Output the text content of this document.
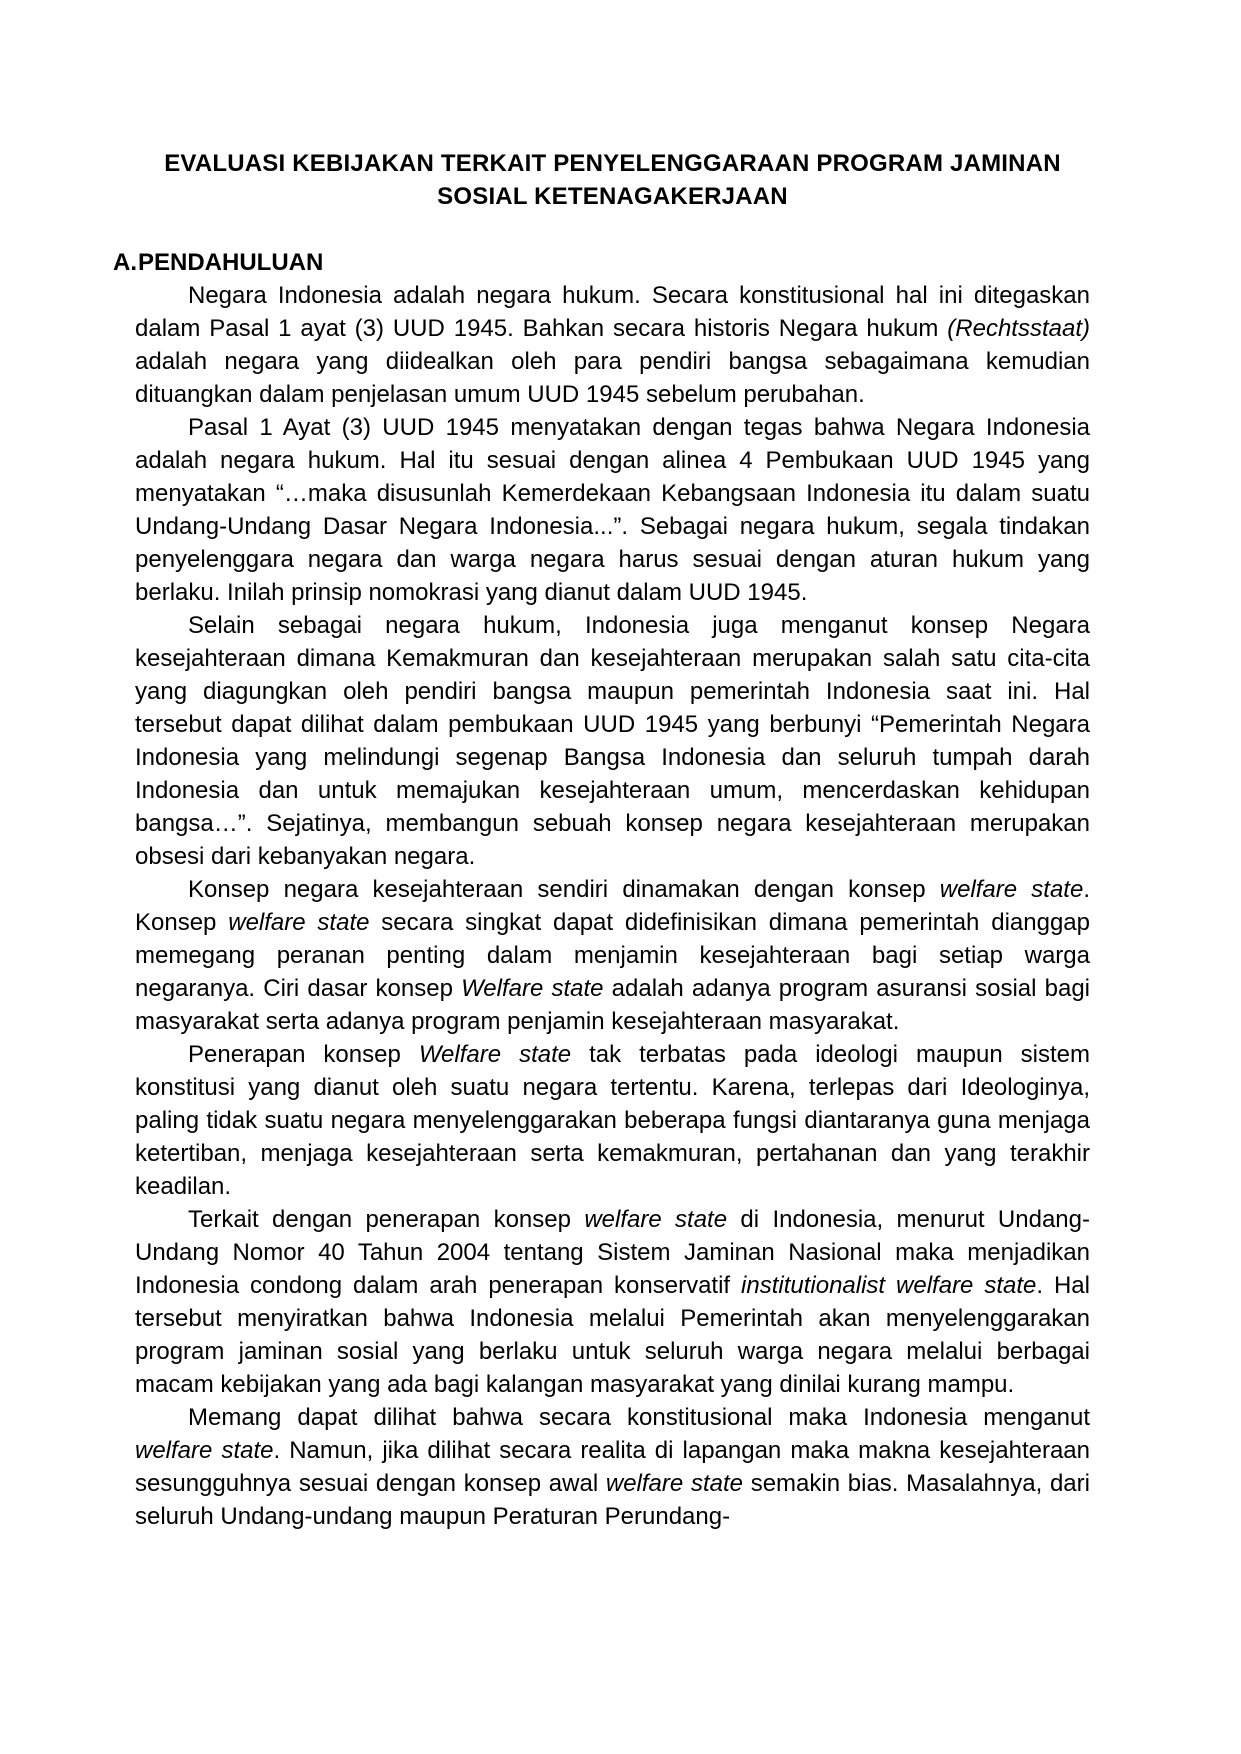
EVALUASI KEBIJAKAN TERKAIT PENYELENGGARAAN PROGRAM JAMINAN
SOSIAL KETENAGAKERJAAN
A. PENDAHULUAN

Negara Indonesia adalah negara hukum. Secara konstitusional hal ini ditegaskan dalam Pasal 1 ayat (3) UUD 1945. Bahkan secara historis Negara hukum (Rechtsstaat) adalah negara yang diidealkan oleh para pendiri bangsa sebagaimana kemudian dituangkan dalam penjelasan umum UUD 1945 sebelum perubahan.

Pasal 1 Ayat (3) UUD 1945 menyatakan dengan tegas bahwa Negara Indonesia adalah negara hukum. Hal itu sesuai dengan alinea 4 Pembukaan UUD 1945 yang menyatakan “…maka disusunlah Kemerdekaan Kebangsaan Indonesia itu dalam suatu Undang-Undang Dasar Negara Indonesia...”. Sebagai negara hukum, segala tindakan penyelenggara negara dan warga negara harus sesuai dengan aturan hukum yang berlaku. Inilah prinsip nomokrasi yang dianut dalam UUD 1945.

Selain sebagai negara hukum, Indonesia juga menganut konsep Negara kesejahteraan dimana Kemakmuran dan kesejahteraan merupakan salah satu cita-cita yang diagungkan oleh pendiri bangsa maupun pemerintah Indonesia saat ini. Hal tersebut dapat dilihat dalam pembukaan UUD 1945 yang berbunyi “Pemerintah Negara Indonesia yang melindungi segenap Bangsa Indonesia dan seluruh tumpah darah Indonesia dan untuk memajukan kesejahteraan umum, mencerdaskan kehidupan bangsa…”. Sejatinya, membangun sebuah konsep negara kesejahteraan merupakan obsesi dari kebanyakan negara.

Konsep negara kesejahteraan sendiri dinamakan dengan konsep welfare state. Konsep welfare state secara singkat dapat didefinisikan dimana pemerintah dianggap memegang peranan penting dalam menjamin kesejahteraan bagi setiap warga negaranya. Ciri dasar konsep Welfare state adalah adanya program asuransi sosial bagi masyarakat serta adanya program penjamin kesejahteraan masyarakat.

Penerapan konsep Welfare state tak terbatas pada ideologi maupun sistem konstitusi yang dianut oleh suatu negara tertentu. Karena, terlepas dari Ideologinya, paling tidak suatu negara menyelenggarakan beberapa fungsi diantaranya guna menjaga ketertiban, menjaga kesejahteraan serta kemakmuran, pertahanan dan yang terakhir keadilan.

Terkait dengan penerapan konsep welfare state di Indonesia, menurut Undang-Undang Nomor 40 Tahun 2004 tentang Sistem Jaminan Nasional maka menjadikan Indonesia condong dalam arah penerapan konservatif institutionalist welfare state. Hal tersebut menyiratkan bahwa Indonesia melalui Pemerintah akan menyelenggarakan program jaminan sosial yang berlaku untuk seluruh warga negara melalui berbagai macam kebijakan yang ada bagi kalangan masyarakat yang dinilai kurang mampu.

Memang dapat dilihat bahwa secara konstitusional maka Indonesia menganut welfare state. Namun, jika dilihat secara realita di lapangan maka makna kesejahteraan sesungguhnya sesuai dengan konsep awal welfare state semakin bias. Masalahnya, dari seluruh Undang-undang maupun Peraturan Perundang-
